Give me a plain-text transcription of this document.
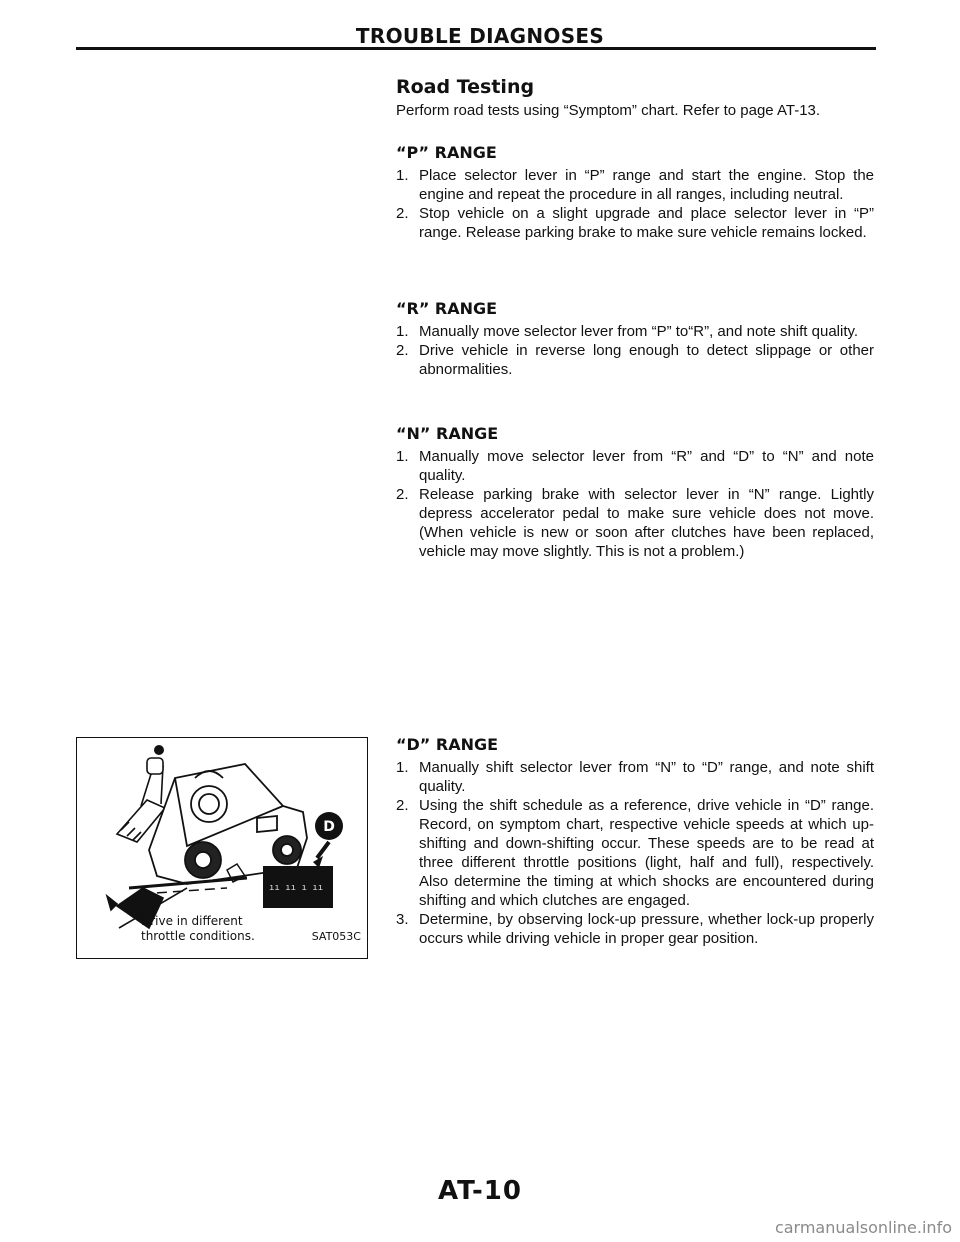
TROUBLE DIAGNOSES
Road Testing

Perform road tests using “Symptom” chart. Refer to page AT-13.

“P” RANGE
1. Place selector lever in “P” range and start the engine. Stop the engine and repeat the procedure in all ranges, including neutral.
2. Stop vehicle on a slight upgrade and place selector lever in “P” range. Release parking brake to make sure vehicle remains locked.
“R” RANGE
1. Manually move selector lever from “P” to“R”, and note shift quality.
2. Drive vehicle in reverse long enough to detect slippage or other abnormalities.
“N” RANGE
1. Manually move selector lever from “R” and “D” to “N” and note quality.
2. Release parking brake with selector lever in “N” range. Lightly depress accelerator pedal to make sure vehicle does not move. (When vehicle is new or soon after clutches have been replaced, vehicle may move slightly. This is not a problem.)
“D” RANGE
1. Manually shift selector lever from “N” to “D” range, and note shift quality.
2. Using the shift schedule as a reference, drive vehicle in “D” range. Record, on symptom chart, respective vehicle speeds at which up-shifting and down-shifting occur. These speeds are to be read at three different throttle positions (light, half and full), respectively. Also determine the timing at which shocks are encountered during shifting and which clutches are engaged.
3. Determine, by observing lock-up pressure, whether lock-up properly occurs while driving vehicle in proper gear position.
ıı ıı ı ıı
D
Drive in different
throttle conditions.	SAT053C
AT-10
carmanualsonline.info
